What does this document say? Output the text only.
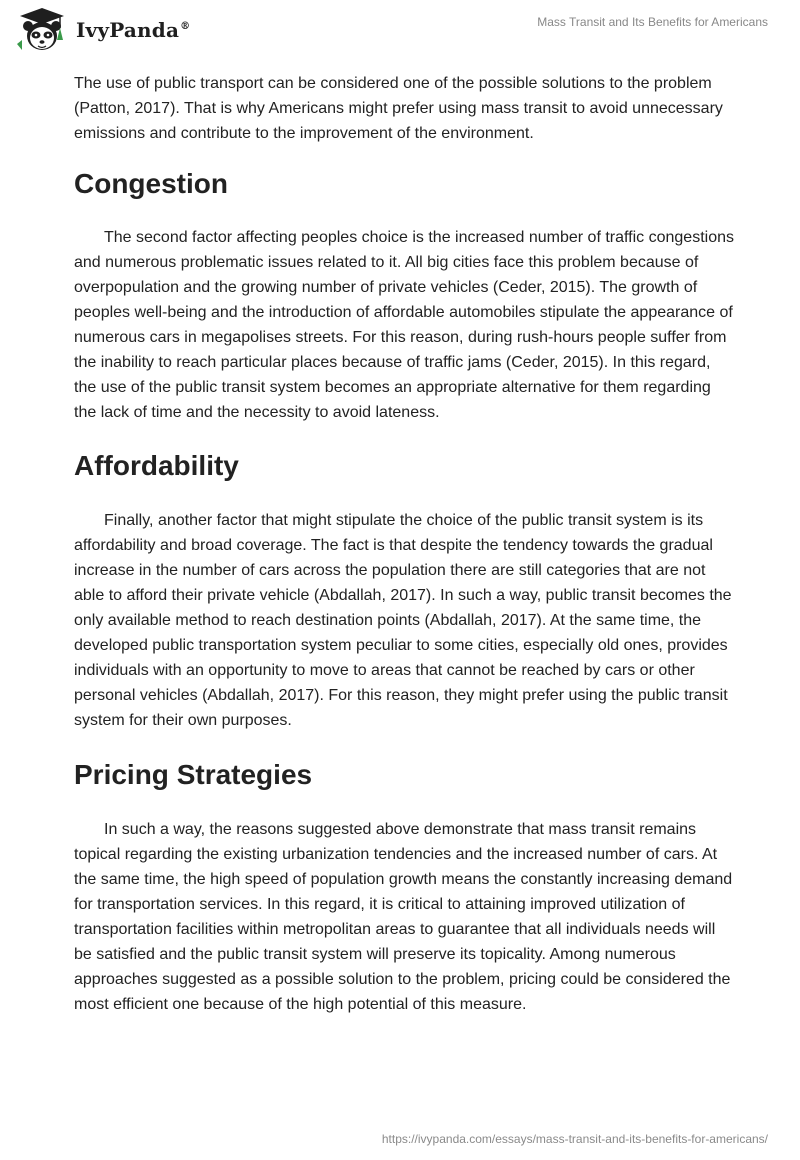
IvyPanda®	Mass Transit and Its Benefits for Americans

The use of public transport can be considered one of the possible solutions to the problem (Patton, 2017). That is why Americans might prefer using mass transit to avoid unnecessary emissions and contribute to the improvement of the environment.

Congestion

The second factor affecting peoples choice is the increased number of traffic congestions and numerous problematic issues related to it. All big cities face this problem because of overpopulation and the growing number of private vehicles (Ceder, 2015). The growth of peoples well-being and the introduction of affordable automobiles stipulate the appearance of numerous cars in megapolises streets. For this reason, during rush-hours people suffer from the inability to reach particular places because of traffic jams (Ceder, 2015). In this regard, the use of the public transit system becomes an appropriate alternative for them regarding the lack of time and the necessity to avoid lateness.

Affordability

Finally, another factor that might stipulate the choice of the public transit system is its affordability and broad coverage. The fact is that despite the tendency towards the gradual increase in the number of cars across the population there are still categories that are not able to afford their private vehicle (Abdallah, 2017). In such a way, public transit becomes the only available method to reach destination points (Abdallah, 2017). At the same time, the developed public transportation system peculiar to some cities, especially old ones, provides individuals with an opportunity to move to areas that cannot be reached by cars or other personal vehicles (Abdallah, 2017). For this reason, they might prefer using the public transit system for their own purposes.

Pricing Strategies

In such a way, the reasons suggested above demonstrate that mass transit remains topical regarding the existing urbanization tendencies and the increased number of cars. At the same time, the high speed of population growth means the constantly increasing demand for transportation services. In this regard, it is critical to attaining improved utilization of transportation facilities within metropolitan areas to guarantee that all individuals needs will be satisfied and the public transit system will preserve its topicality. Among numerous approaches suggested as a possible solution to the problem, pricing could be considered the most efficient one because of the high potential of this measure.

https://ivypanda.com/essays/mass-transit-and-its-benefits-for-americans/
